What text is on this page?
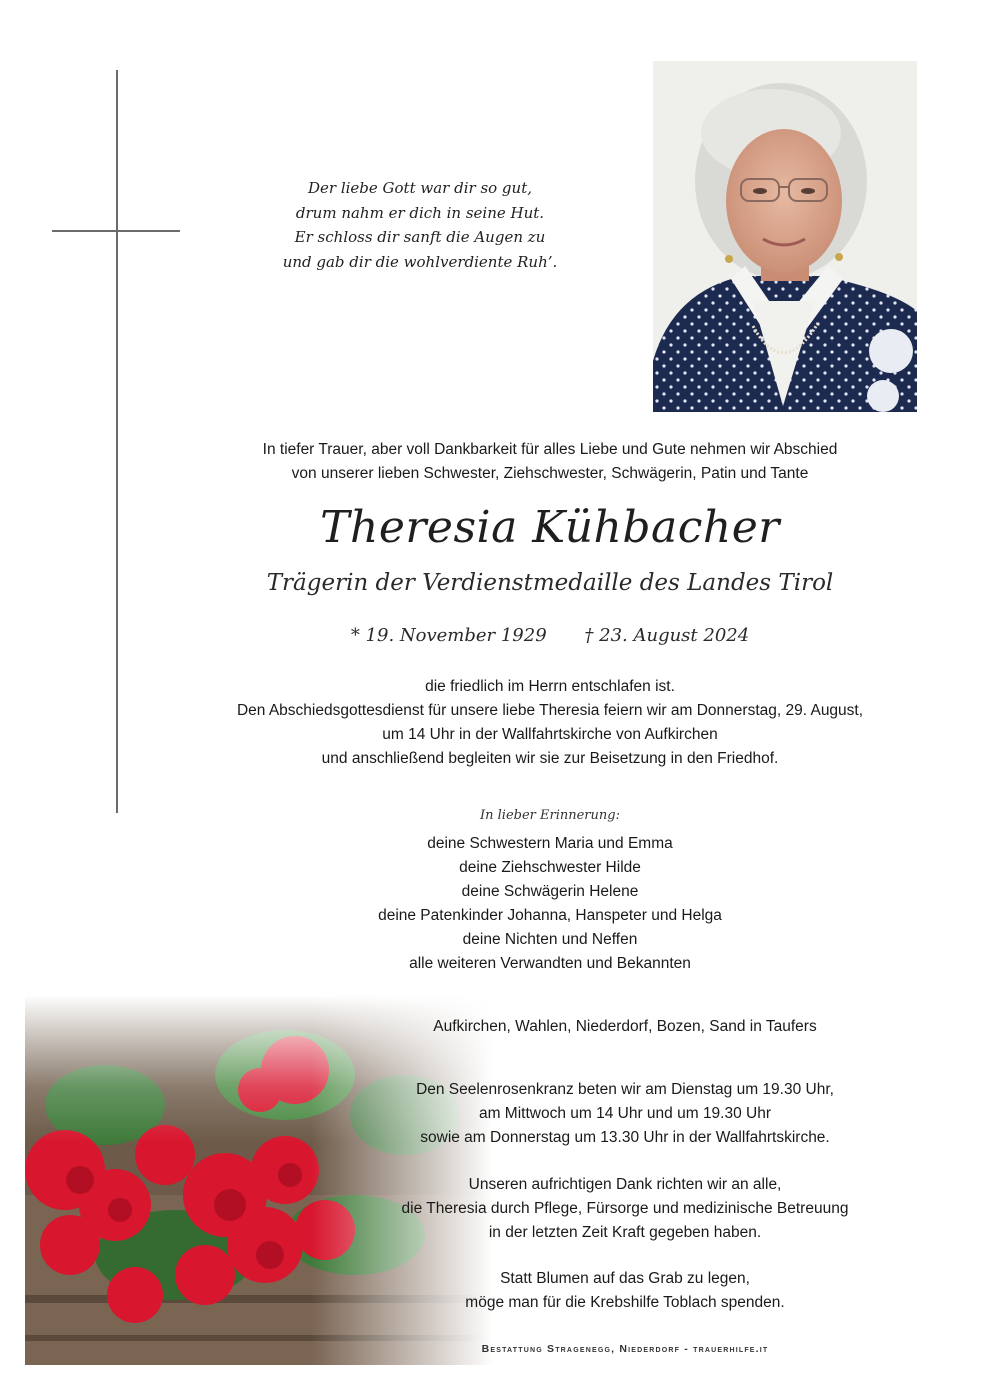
Der liebe Gott war dir so gut,
drum nahm er dich in seine Hut.
Er schloss dir sanft die Augen zu
und gab dir die wohlverdiente Ruh’.
In tiefer Trauer, aber voll Dankbarkeit für alles Liebe und Gute nehmen wir Abschied
von unserer lieben Schwester, Ziehschwester, Schwägerin, Patin und Tante
Theresia Kühbacher
Trägerin der Verdienstmedaille des Landes Tirol
* 19. November 1929 † 23. August 2024
die friedlich im Herrn entschlafen ist.
Den Abschiedsgottesdienst für unsere liebe Theresia feiern wir am Donnerstag, 29. August,
um 14 Uhr in der Wallfahrtskirche von Aufkirchen
und anschließend begleiten wir sie zur Beisetzung in den Friedhof.
In lieber Erinnerung:
deine Schwestern Maria und Emma
deine Ziehschwester Hilde
deine Schwägerin Helene
deine Patenkinder Johanna, Hanspeter und Helga
deine Nichten und Neffen
alle weiteren Verwandten und Bekannten
Aufkirchen, Wahlen, Niederdorf, Bozen, Sand in Taufers
Den Seelenrosenkranz beten wir am Dienstag um 19.30 Uhr,
am Mittwoch um 14 Uhr und um 19.30 Uhr
sowie am Donnerstag um 13.30 Uhr in der Wallfahrtskirche.
Unseren aufrichtigen Dank richten wir an alle,
die Theresia durch Pflege, Fürsorge und medizinische Betreuung
in der letzten Zeit Kraft gegeben haben.
Statt Blumen auf das Grab zu legen,
möge man für die Krebshilfe Toblach spenden.
Bestattung Stragenegg, Niederdorf - trauerhilfe.it
